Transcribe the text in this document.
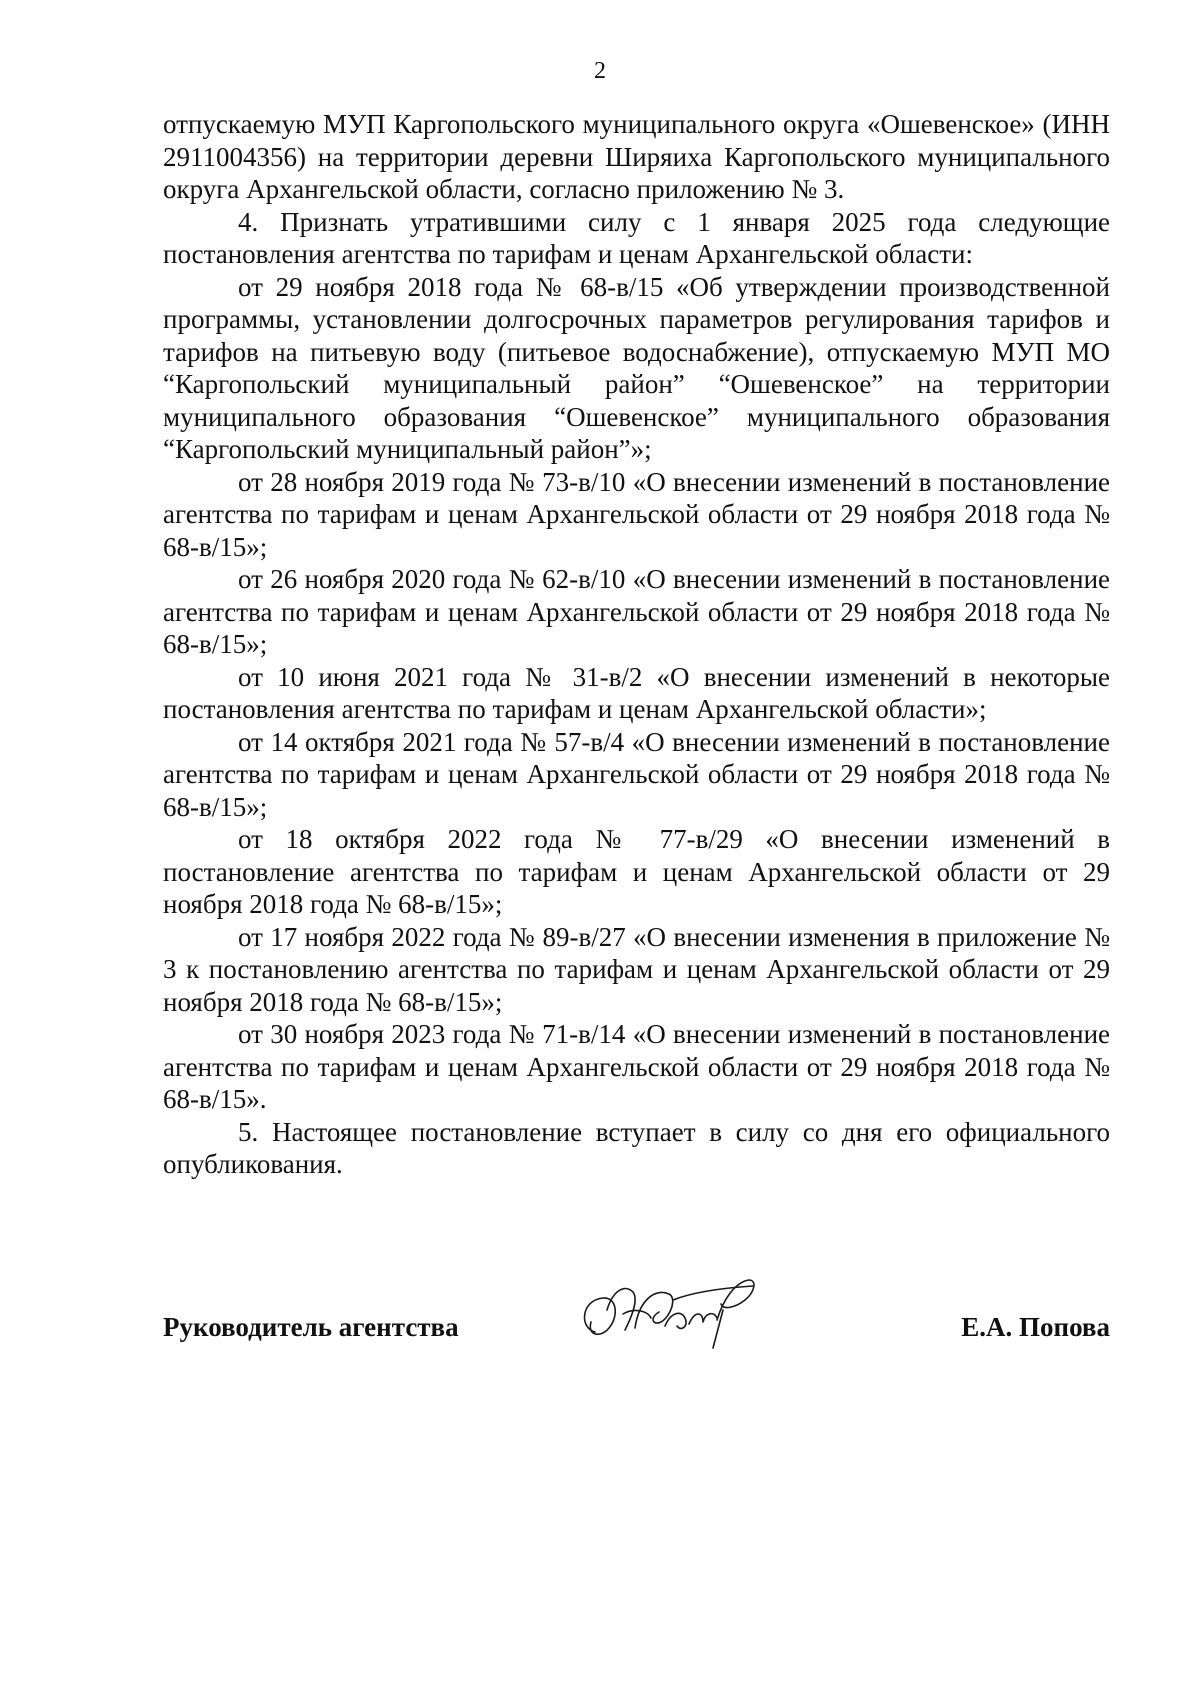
2

отпускаемую МУП Каргопольского муниципального округа «Ошевенское» (ИНН 2911004356) на территории деревни Ширяиха Каргопольского муниципального округа Архангельской области, согласно приложению № 3.

4. Признать утратившими силу с 1 января 2025 года следующие постановления агентства по тарифам и ценам Архангельской области:

от 29 ноября 2018 года № 68-в/15 «Об утверждении производственной программы, установлении долгосрочных параметров регулирования тарифов и тарифов на питьевую воду (питьевое водоснабжение), отпускаемую МУП МО “Каргопольский муниципальный район” “Ошевенское” на территории муниципального образования “Ошевенское” муниципального образования “Каргопольский муниципальный район”»;

от 28 ноября 2019 года № 73-в/10 «О внесении изменений в постановление агентства по тарифам и ценам Архангельской области от 29 ноября 2018 года № 68-в/15»;

от 26 ноября 2020 года № 62-в/10 «О внесении изменений в постановление агентства по тарифам и ценам Архангельской области от 29 ноября 2018 года № 68-в/15»;

от 10 июня 2021 года № 31-в/2 «О внесении изменений в некоторые постановления агентства по тарифам и ценам Архангельской области»;

от 14 октября 2021 года № 57-в/4 «О внесении изменений в постановление агентства по тарифам и ценам Архангельской области от 29 ноября 2018 года № 68-в/15»;

от 18 октября 2022 года № 77-в/29 «О внесении изменений в постановление агентства по тарифам и ценам Архангельской области от 29 ноября 2018 года № 68-в/15»;

от 17 ноября 2022 года № 89-в/27 «О внесении изменения в приложение № 3 к постановлению агентства по тарифам и ценам Архангельской области от 29 ноября 2018 года № 68-в/15»;

от 30 ноября 2023 года № 71-в/14 «О внесении изменений в постановление агентства по тарифам и ценам Архангельской области от 29 ноября 2018 года № 68-в/15».

5. Настоящее постановление вступает в силу со дня его официального опубликования.

Руководитель агентства	Е.А. Попова
